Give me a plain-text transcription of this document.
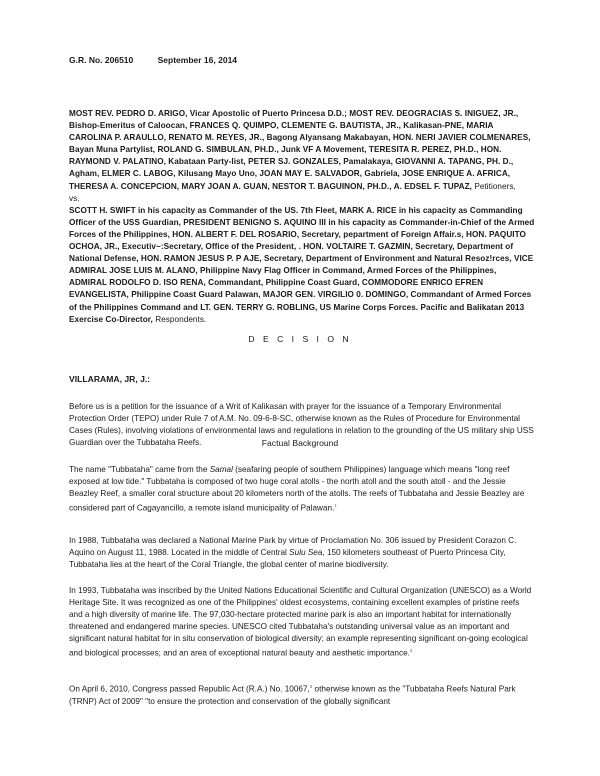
G.R. No. 206510	September 16, 2014
MOST REV. PEDRO D. ARIGO, Vicar Apostolic of Puerto Princesa D.D.; MOST REV. DEOGRACIAS S. INIGUEZ, JR., Bishop-Emeritus of Caloocan, FRANCES Q. QUIMPO, CLEMENTE G. BAUTISTA, JR., Kalikasan-PNE, MARIA CAROLINA P. ARAULLO, RENATO M. REYES, JR., Bagong Alyansang Makabayan, HON. NERI JAVIER COLMENARES, Bayan Muna Partylist, ROLAND G. SIMBULAN, PH.D., Junk VF A Movement, TERESITA R. PEREZ, PH.D., HON. RAYMOND V. PALATINO, Kabataan Party-list, PETER SJ. GONZALES, Pamalakaya, GIOVANNI A. TAPANG, PH. D., Agham, ELMER C. LABOG, Kilusang Mayo Uno, JOAN MAY E. SALVADOR, Gabriela, JOSE ENRIQUE A. AFRICA, THERESA A. CONCEPCION, MARY JOAN A. GUAN, NESTOR T. BAGUINON, PH.D., A. EDSEL F. TUPAZ, Petitioners,
vs.
SCOTT H. SWIFT in his capacity as Commander of the US. 7th Fleet, MARK A. RICE in his capacity as Commanding Officer of the USS Guardian, PRESIDENT BENIGNO S. AQUINO III in his capacity as Commander-in-Chief of the Armed Forces of the Philippines, HON. ALBERT F. DEL ROSARIO, Secretary, pepartment of Foreign Affair.s, HON. PAQUITO OCHOA, JR., Executiv~:Secretary, Office of the President, . HON. VOLTAIRE T. GAZMIN, Secretary, Department of National Defense, HON. RAMON JESUS P. P AJE, Secretary, Department of Environment and Natural Resoz!rces, VICE ADMIRAL JOSE LUIS M. ALANO, Philippine Navy Flag Officer in Command, Armed Forces of the Philippines, ADMIRAL RODOLFO D. ISO RENA, Commandant, Philippine Coast Guard, COMMODORE ENRICO EFREN EVANGELISTA, Philippine Coast Guard Palawan, MAJOR GEN. VIRGILIO 0. DOMINGO, Commandant of Armed Forces of the Philippines Command and LT. GEN. TERRY G. ROBLING, US Marine Corps Forces. Pacific and Balikatan 2013 Exercise Co-Director, Respondents.
D E C I S I O N
VILLARAMA, JR, J.:

Before us is a petition for the issuance of a Writ of Kalikasan with prayer for the issuance of a Temporary Environmental Protection Order (TEPO) under Rule 7 of A.M. No. 09-6-8-SC, otherwise known as the Rules of Procedure for Environmental Cases (Rules), involving violations of environmental laws and regulations in relation to the grounding of the US military ship USS Guardian over the Tubbataha Reefs.	Factual Background

The name "Tubbataha" came from the Samal (seafaring people of southern Philippines) language which means "long reef exposed at low tide." Tubbataha is composed of two huge coral atolls - the north atoll and the south atoll - and the Jessie Beazley Reef, a smaller coral structure about 20 kilometers north of the atolls. The reefs of Tubbataha and Jessie Beazley are considered part of Cagayancillo, a remote island municipality of Palawan.$^1$

In 1988, Tubbataha was declared a National Marine Park by virtue of Proclamation No. 306 issued by President Corazon C. Aquino on August 11, 1988. Located in the middle of Central Sulu Sea, 150 kilometers southeast of Puerto Princesa City, Tubbataha lies at the heart of the Coral Triangle, the global center of marine biodiversity.

In 1993, Tubbataha was inscribed by the United Nations Educational Scientific and Cultural Organization (UNESCO) as a World Heritage Site. It was recognized as one of the Philippines' oldest ecosystems, containing excellent examples of pristine reefs and a high diversity of marine life. The 97,030-hectare protected marine park is also an important habitat for internationally threatened and endangered marine species. UNESCO cited Tubbataha's outstanding universal value as an important and significant natural habitat for in situ conservation of biological diversity; an example representing significant on-going ecological and biological processes; and an area of exceptional natural beauty and aesthetic importance.$^2$

On April 6, 2010, Congress passed Republic Act (R.A.) No. 10067,$^3$ otherwise known as the "Tubbataha Reefs Natural Park (TRNP) Act of 2009" "to ensure the protection and conservation of the globally significant
